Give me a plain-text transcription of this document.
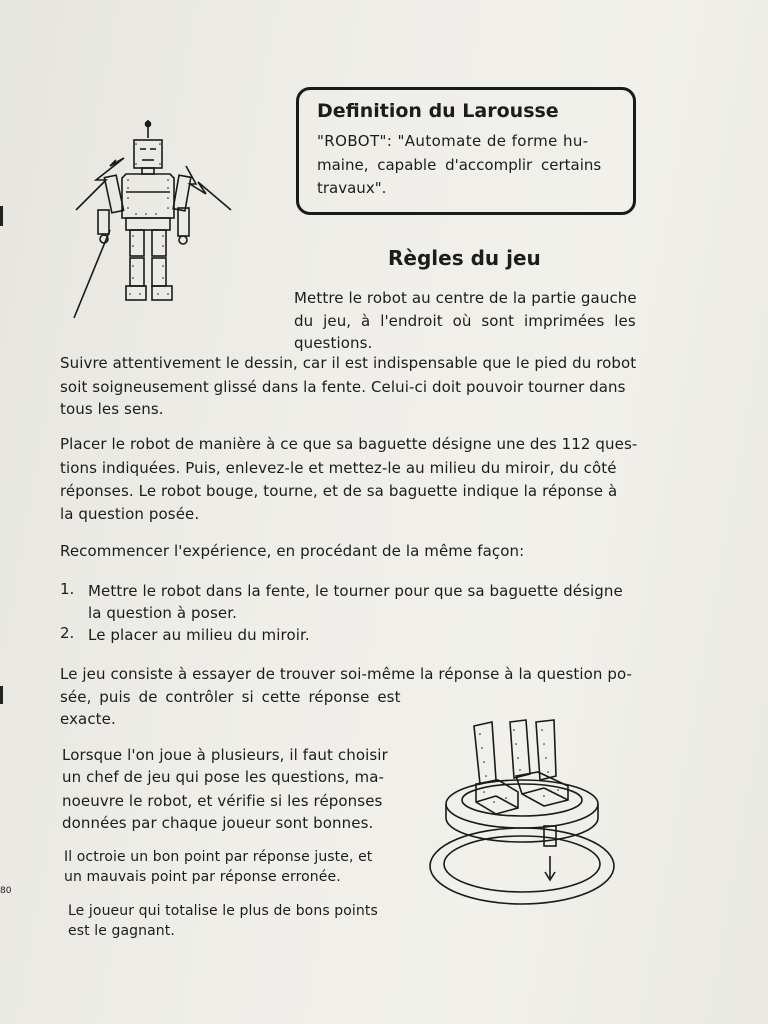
Definition du Larousse
"ROBOT": "Automate de forme hu-
maine, capable d'accomplir certains
travaux".
Règles du jeu
Mettre le robot au centre de la partie gauche
du jeu, à l'endroit où sont imprimées les
questions.
Suivre attentivement le dessin, car il est indispensable que le pied du robot
soit soigneusement glissé dans la fente. Celui-ci doit pouvoir tourner dans
tous les sens.
Placer le robot de manière à ce que sa baguette désigne une des 112 ques-
tions indiquées. Puis, enlevez-le et mettez-le au milieu du miroir, du côté
réponses. Le robot bouge, tourne, et de sa baguette indique la réponse à
la question posée.
Recommencer l'expérience, en procédant de la même façon:
1. Mettre le robot dans la fente, le tourner pour que sa baguette désigne
la question à poser.
2. Le placer au milieu du miroir.
Le jeu consiste à essayer de trouver soi-même la réponse à la question po-
sée, puis de contrôler si cette réponse est
exacte.
Lorsque l'on joue à plusieurs, il faut choisir
un chef de jeu qui pose les questions, ma-
noeuvre le robot, et vérifie si les réponses
données par chaque joueur sont bonnes.
Il octroie un bon point par réponse juste, et
un mauvais point par réponse erronée.
Le joueur qui totalise le plus de bons points
est le gagnant.
80
